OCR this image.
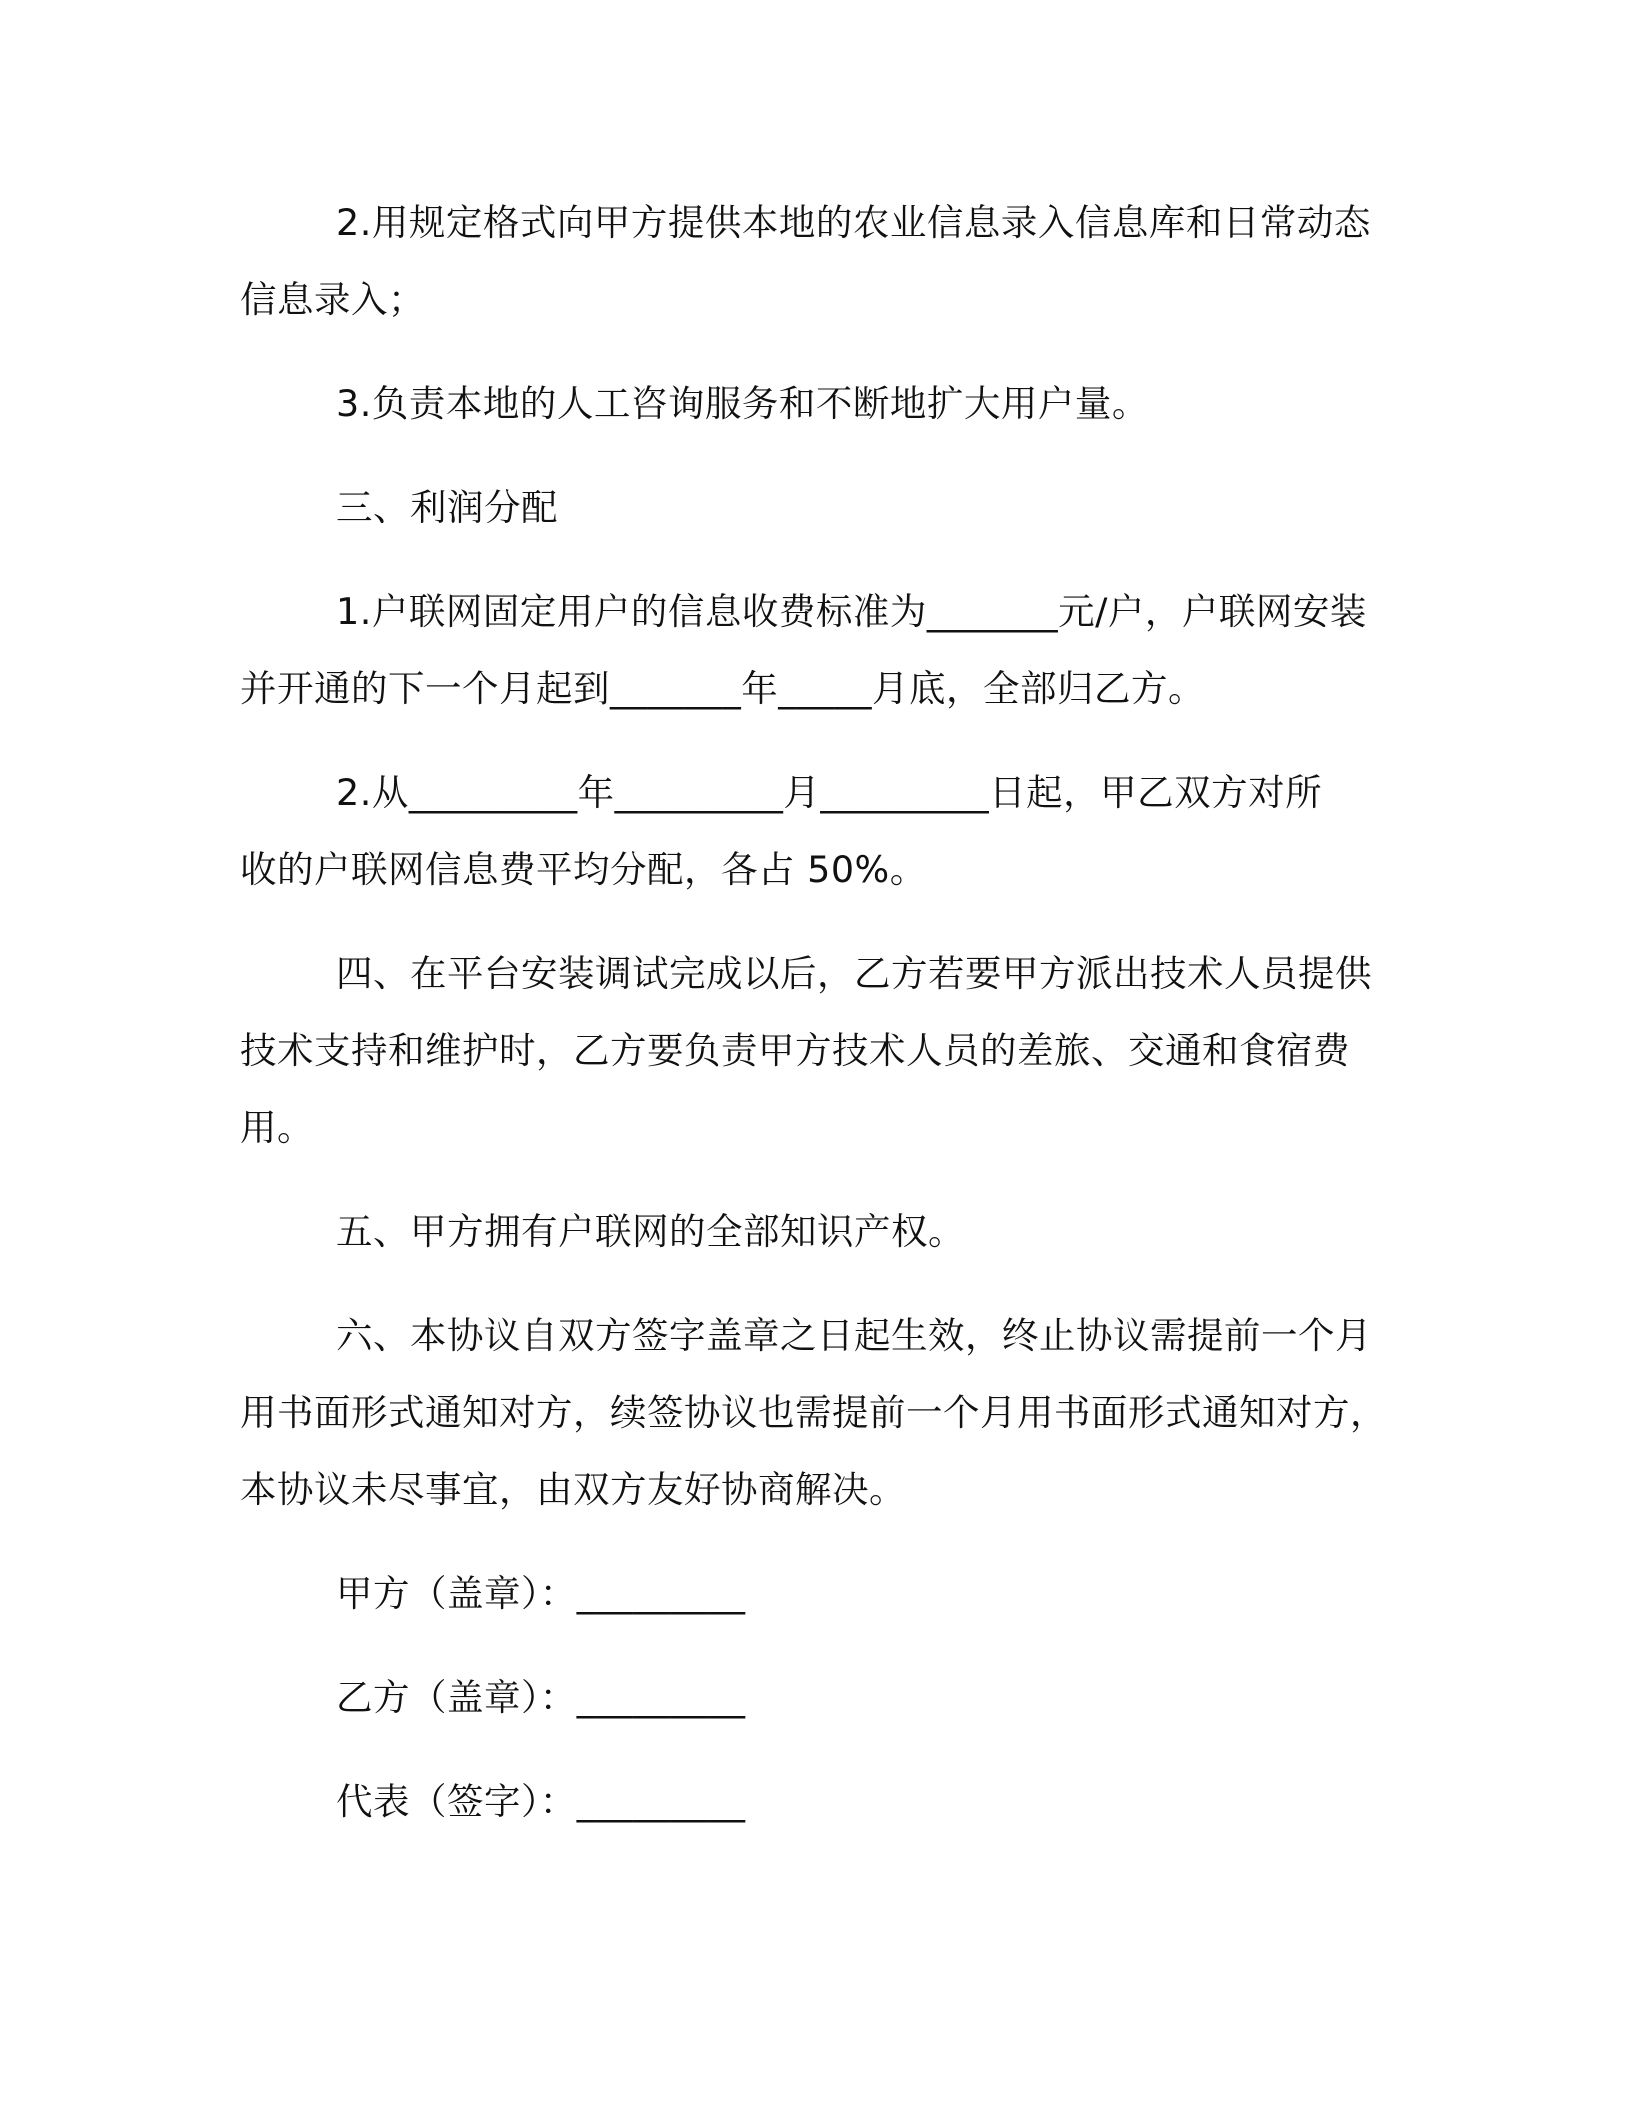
2.用规定格式向甲方提供本地的农业信息录入信息库和日常动态
信息录入；

3.负责本地的人工咨询服务和不断地扩大用户量。

三、利润分配

1.户联网固定用户的信息收费标准为_______元/户，户联网安装
并开通的下一个月起到_______年_____月底，全部归乙方。

2.从_________年_________月_________日起，甲乙双方对所
收的户联网信息费平均分配，各占 50%。

四、在平台安装调试完成以后，乙方若要甲方派出技术人员提供
技术支持和维护时，乙方要负责甲方技术人员的差旅、交通和食宿费
用。

五、甲方拥有户联网的全部知识产权。

六、本协议自双方签字盖章之日起生效，终止协议需提前一个月
用书面形式通知对方，续签协议也需提前一个月用书面形式通知对方，
本协议未尽事宜，由双方友好协商解决。

甲方（盖章）：_________

乙方（盖章）：_________

代表（签字）：_________
